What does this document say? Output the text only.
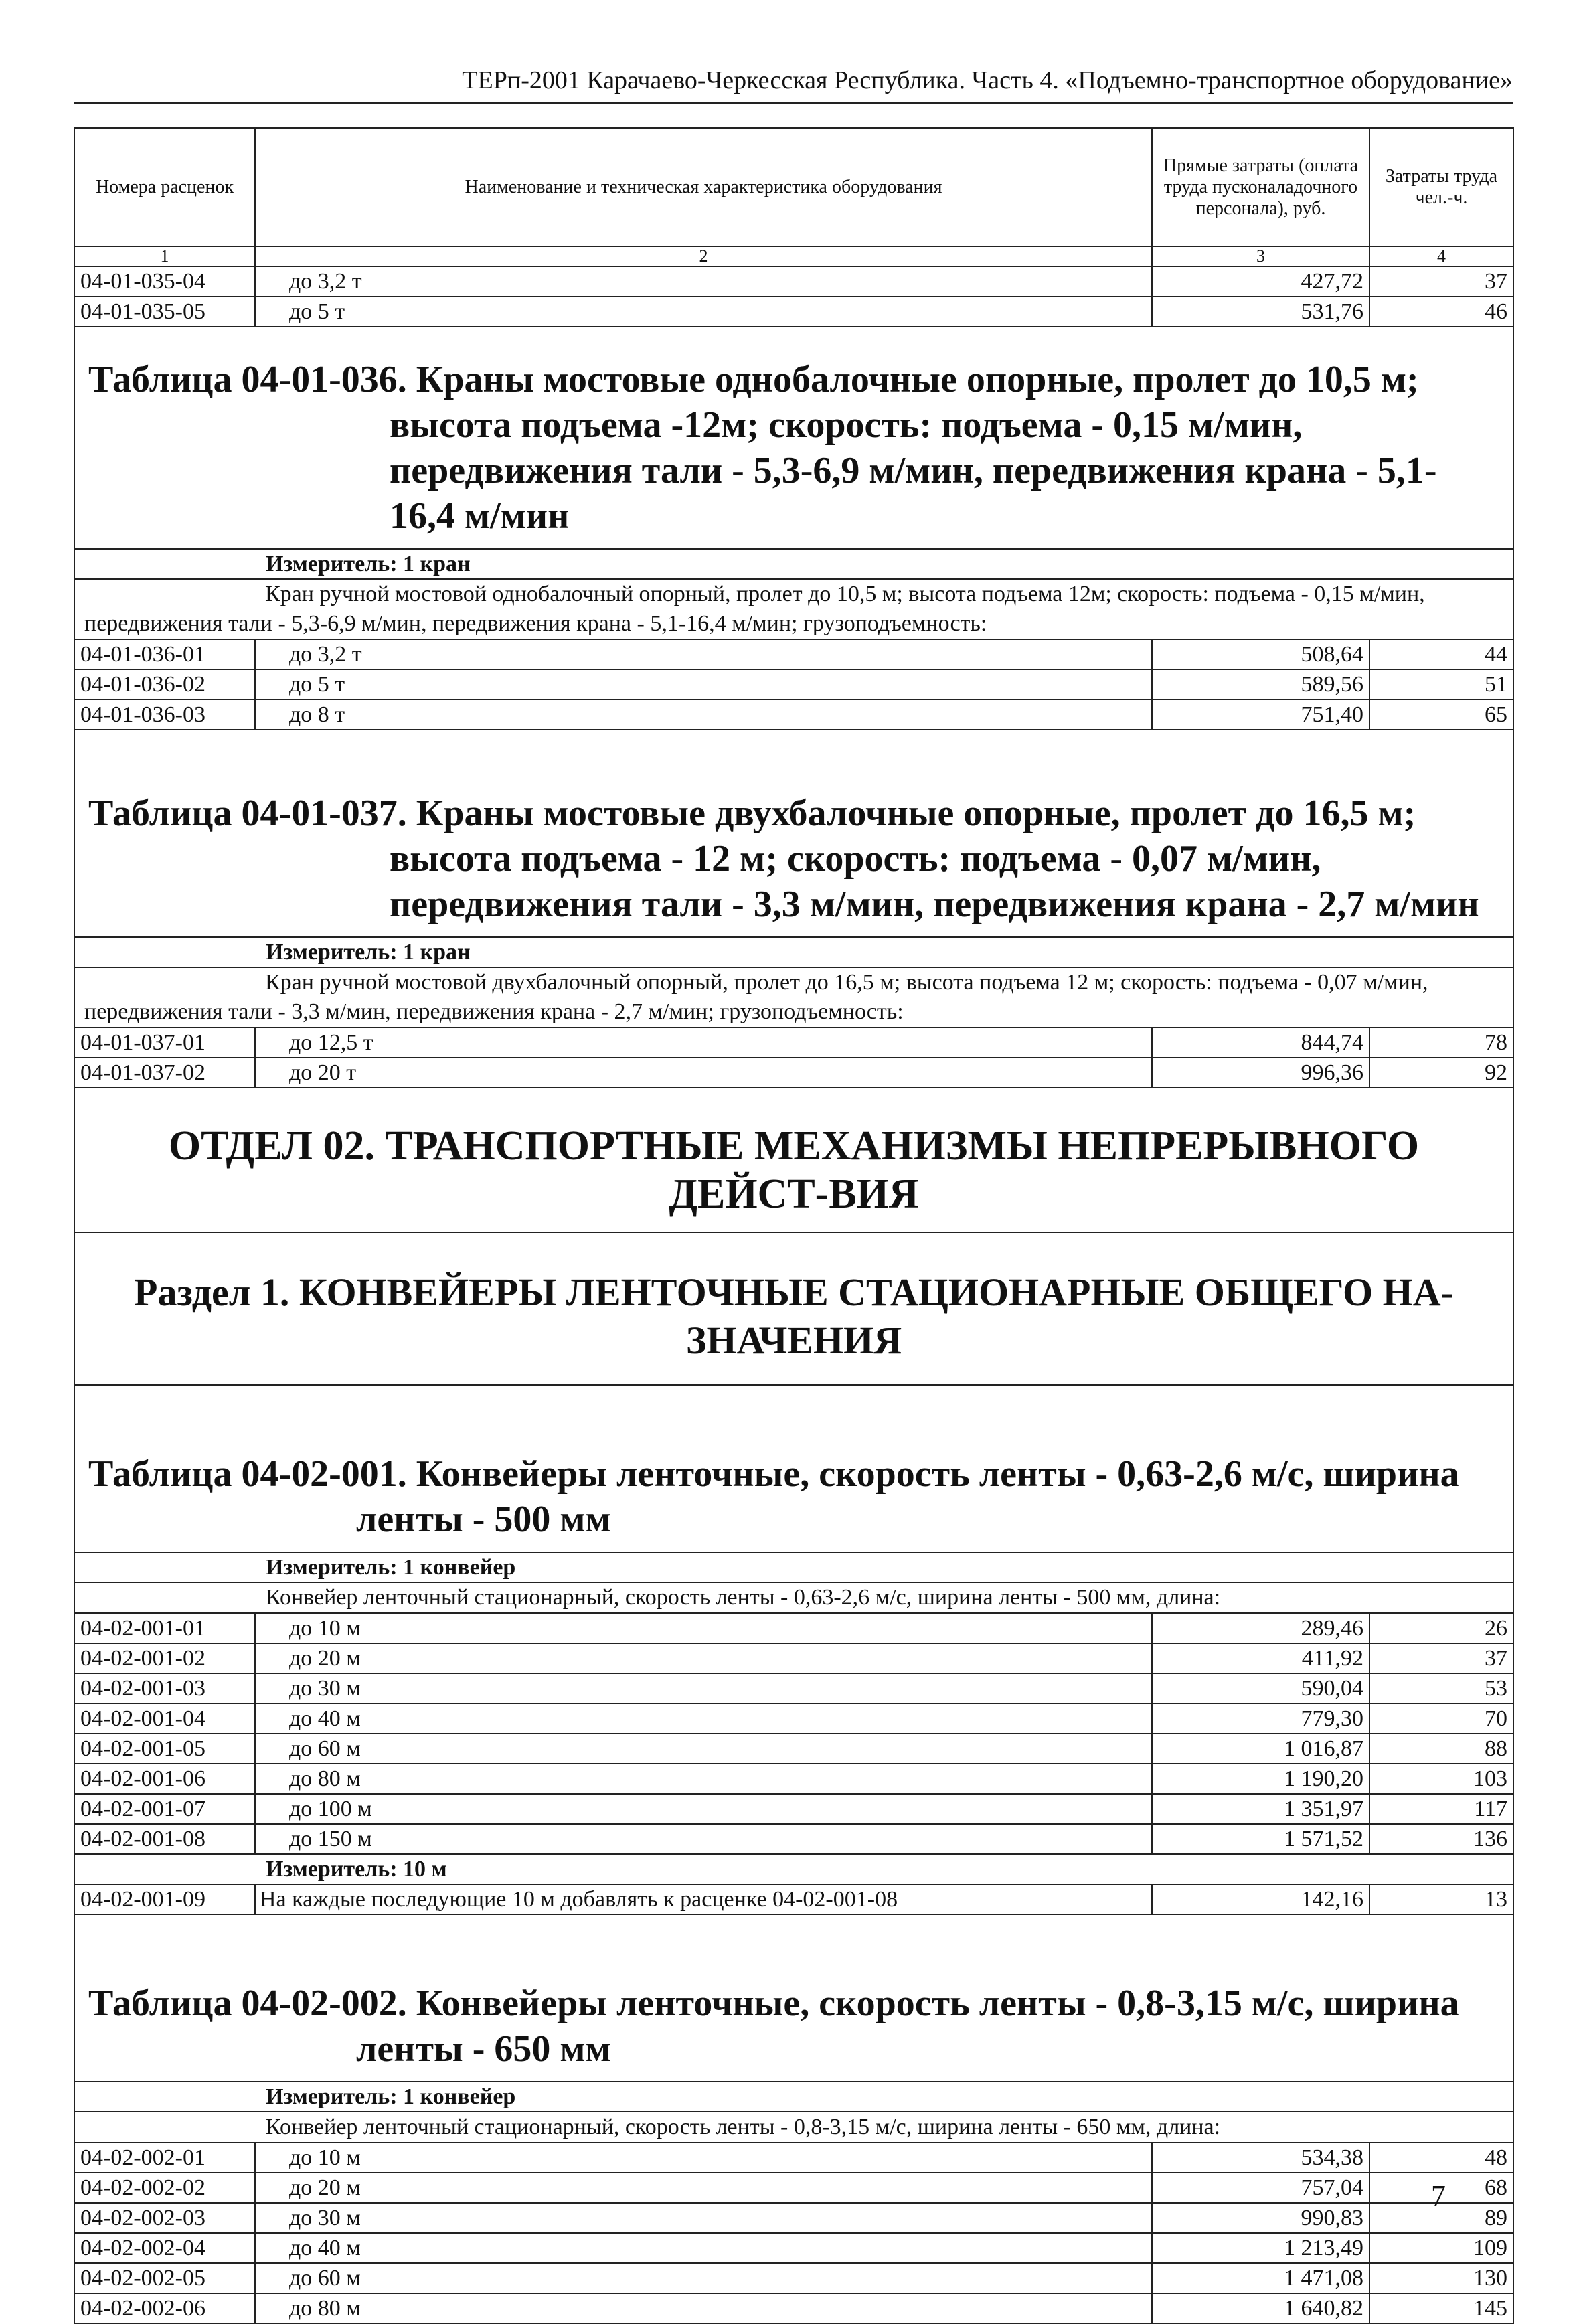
ТЕРп-2001 Карачаево-Черкесская Республика. Часть 4. «Подъемно-транспортное оборудование»
Номера расценок	Наименование и техническая характеристика оборудования	Прямые затраты (оплата труда пусконаладочного персонала), руб.	Затраты труда чел.-ч.
1	2	3	4
04-01-035-04	до 3,2 т	427,72	37
04-01-035-05	до 5 т	531,76	46

Таблица 04-01-036. Краны мостовые однобалочные опорные, пролет до 10,5 м; высота подъема -12м; скорость: подъема - 0,15 м/мин, передвижения тали - 5,3-6,9 м/мин, передвижения крана - 5,1-16,4 м/мин			

Измеритель: 1 кран			

Кран ручной мостовой однобалочный опорный, пролет до 10,5 м; высота подъема 12м; скорость: подъема - 0,15 м/мин, передвижения тали - 5,3-6,9 м/мин, передвижения крана - 5,1-16,4 м/мин; грузоподъемность:			

04-01-036-01	до 3,2 т	508,64	44
04-01-036-02	до 5 т	589,56	51
04-01-036-03	до 8 т	751,40	65

Таблица 04-01-037. Краны мостовые двухбалочные опорные, пролет до 16,5 м; высота подъема - 12 м; скорость: подъема - 0,07 м/мин, передвижения тали - 3,3 м/мин, передвижения крана - 2,7 м/мин			

Измеритель: 1 кран			

Кран ручной мостовой двухбалочный опорный, пролет до 16,5 м; высота подъема 12 м; скорость: подъема - 0,07 м/мин, передвижения тали - 3,3 м/мин, передвижения крана - 2,7 м/мин; грузоподъемность:			

04-01-037-01	до 12,5 т	844,74	78
04-01-037-02	до 20 т	996,36	92
ОТДЕЛ 02. ТРАНСПОРТНЫЕ МЕХАНИЗМЫ НЕПРЕРЫВНОГО ДЕЙСТ-ВИЯ			
Раздел 1. КОНВЕЙЕРЫ ЛЕНТОЧНЫЕ СТАЦИОНАРНЫЕ ОБЩЕГО НА-ЗНАЧЕНИЯ			

Таблица 04-02-001. Конвейеры ленточные, скорость ленты - 0,63-2,6 м/с, ширина ленты - 500 мм			

Измеритель: 1 конвейер			
Конвейер ленточный стационарный, скорость ленты - 0,63-2,6 м/с, ширина ленты - 500 мм, длина:			
04-02-001-01	до 10 м	289,46	26
04-02-001-02	до 20 м	411,92	37
04-02-001-03	до 30 м	590,04	53
04-02-001-04	до 40 м	779,30	70
04-02-001-05	до 60 м	1 016,87	88
04-02-001-06	до 80 м	1 190,20	103
04-02-001-07	до 100 м	1 351,97	117
04-02-001-08	до 150 м	1 571,52	136
Измеритель: 10 м			
04-02-001-09	На каждые последующие 10 м добавлять к расценке 04-02-001-08	142,16	13

Таблица 04-02-002. Конвейеры ленточные, скорость ленты - 0,8-3,15 м/с, ширина ленты - 650 мм			

Измеритель: 1 конвейер			
Конвейер ленточный стационарный, скорость ленты - 0,8-3,15 м/с, ширина ленты - 650 мм, длина:			
04-02-002-01	до 10 м	534,38	48
04-02-002-02	до 20 м	757,04	68
04-02-002-03	до 30 м	990,83	89
04-02-002-04	до 40 м	1 213,49	109
04-02-002-05	до 60 м	1 471,08	130
04-02-002-06	до 80 м	1 640,82	145
7
